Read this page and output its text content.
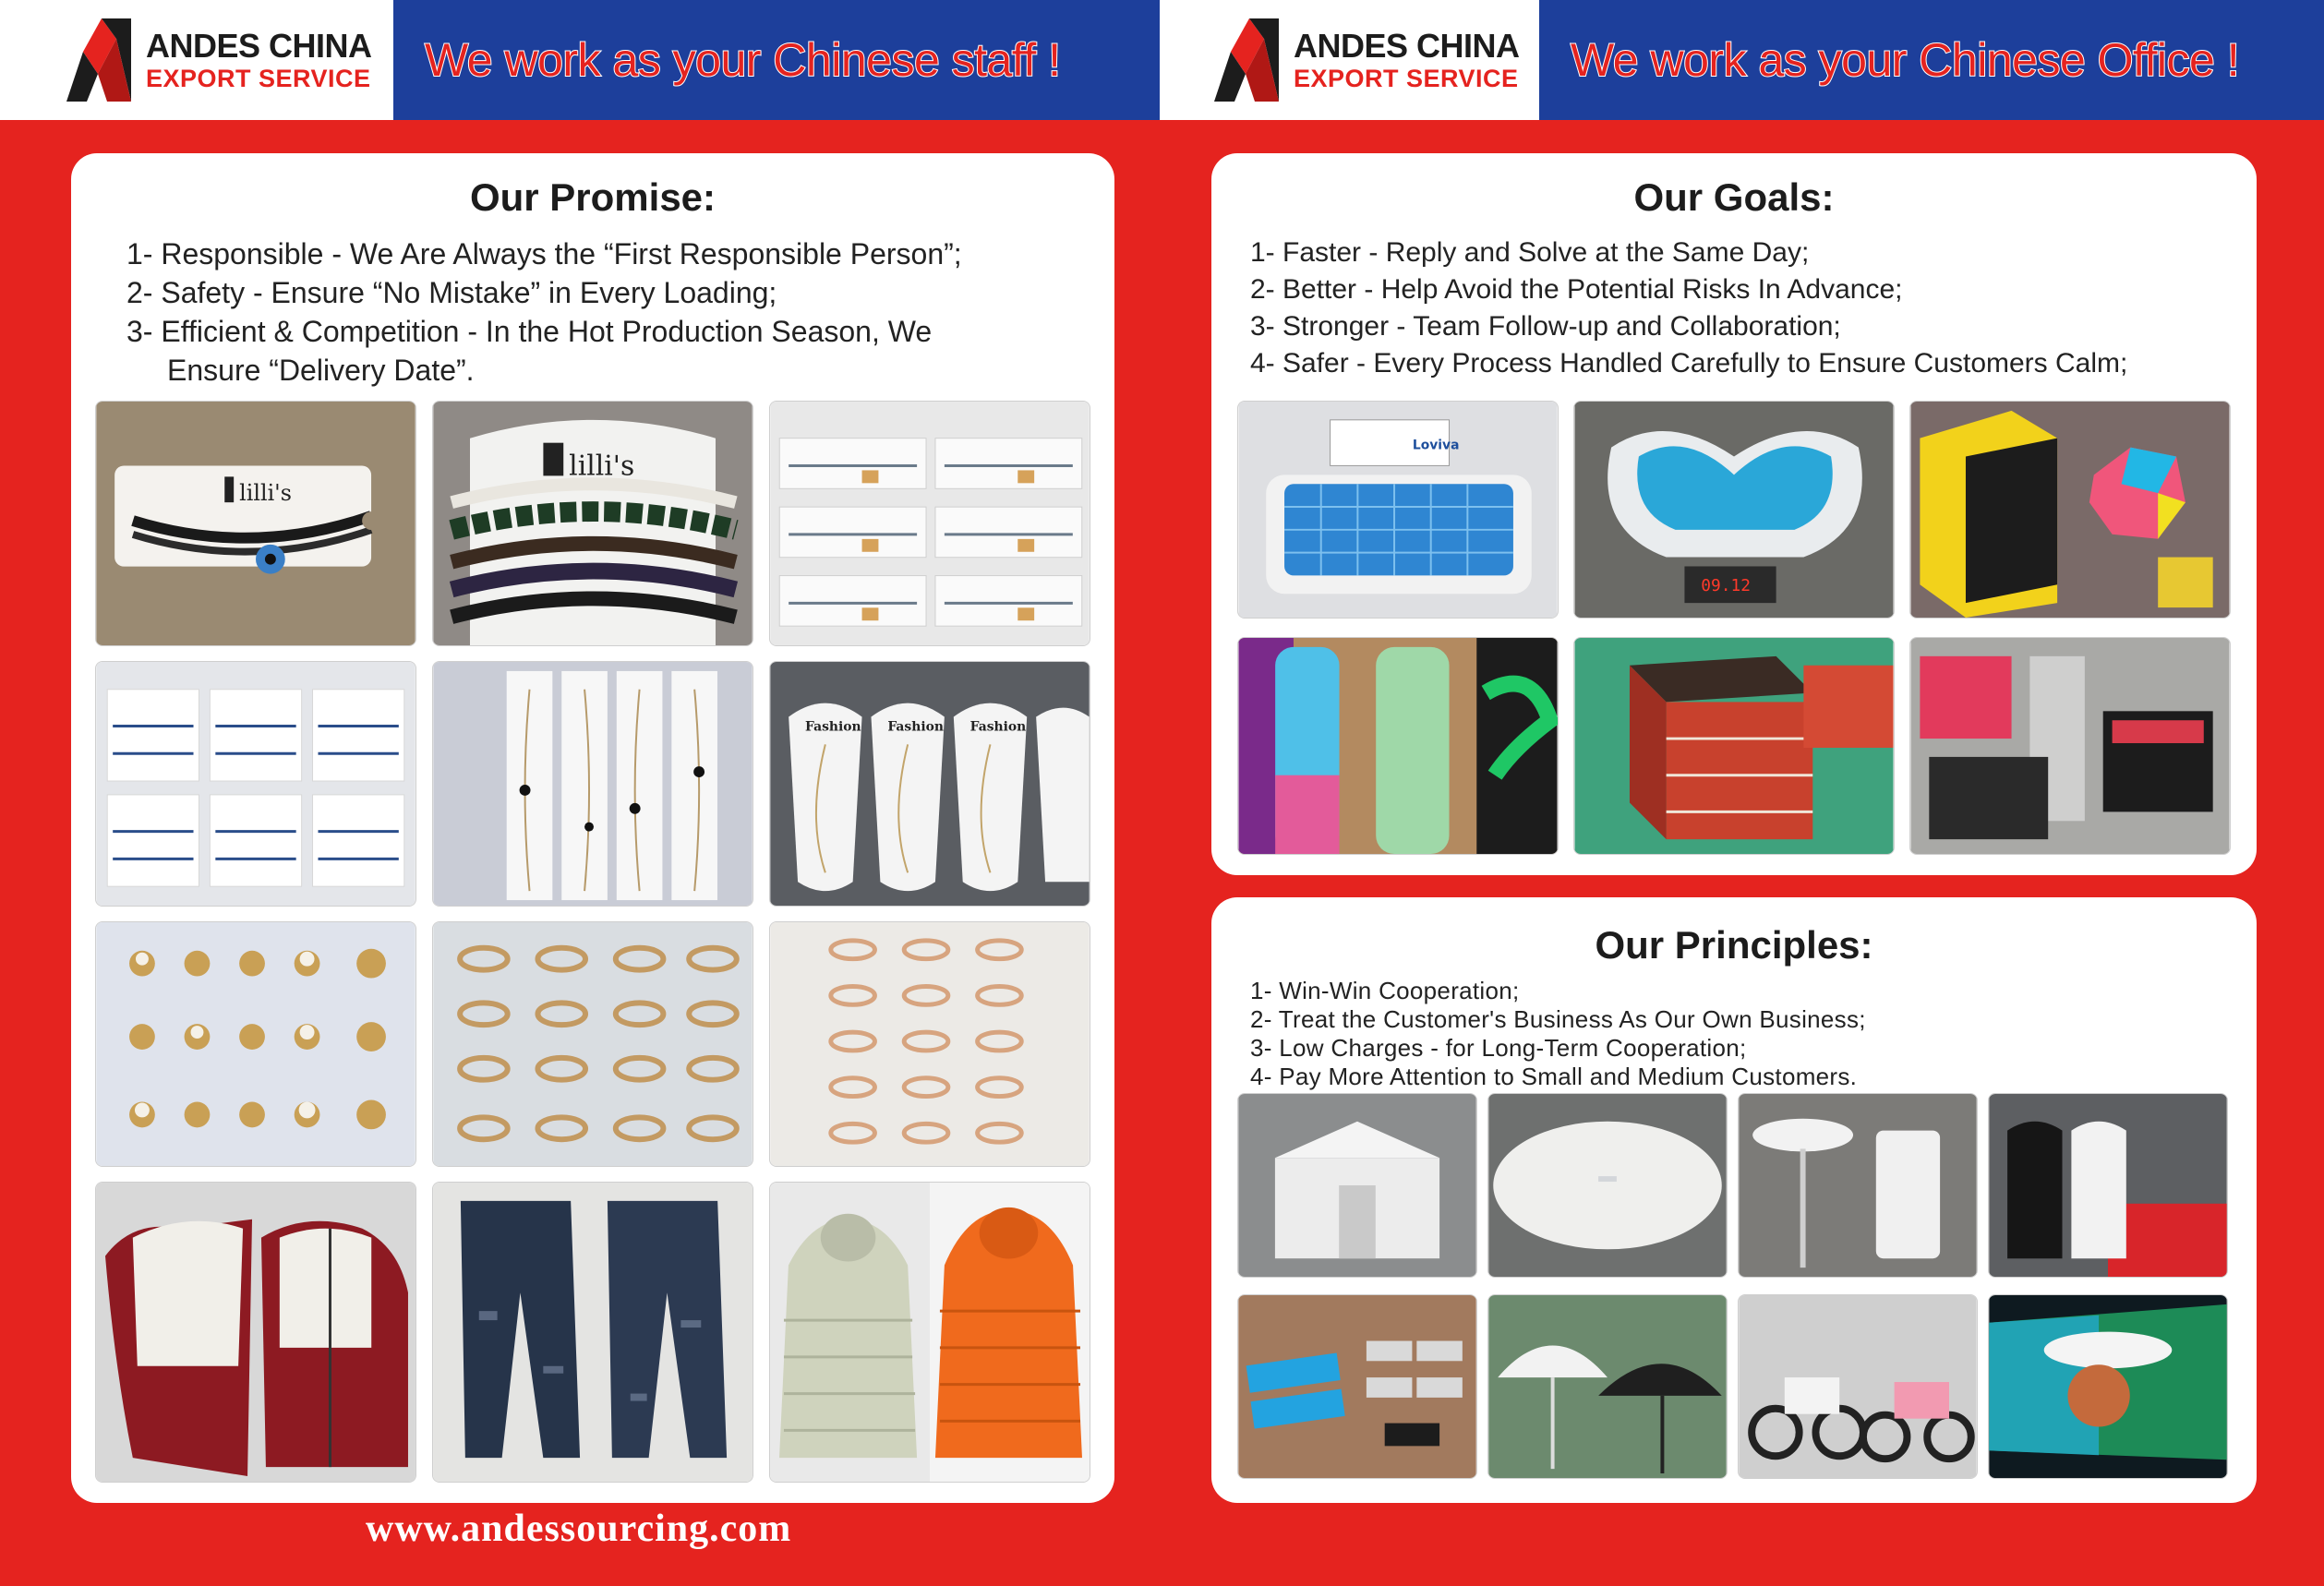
ANDES CHINA
EXPORT SERVICE We work as your Chinese staff !	ANDES CHINA
EXPORT SERVICE We work as your Chinese Office !
Our Promise:
1- Responsible - We Are Always the “First Responsible Person”;
2- Safety - Ensure “No Mistake” in Every Loading;
3- Efficient & Competition - In the Hot Production Season, We
Ensure “Delivery Date”.
lilli's
lilli's
Fashion Fashion Fashion
Our Goals:
1- Faster - Reply and Solve at the Same Day;
2- Better - Help Avoid the Potential Risks In Advance;
3- Stronger - Team Follow-up and Collaboration;
4- Safer - Every Process Handled Carefully to Ensure Customers Calm;
Loviva
09.12
Our Principles:
1- Win-Win Cooperation;
2- Treat the Customer's Business As Our Own Business;
3- Low Charges - for Long-Term Cooperation;
4- Pay More Attention to Small and Medium Customers.
www.andessourcing.com
